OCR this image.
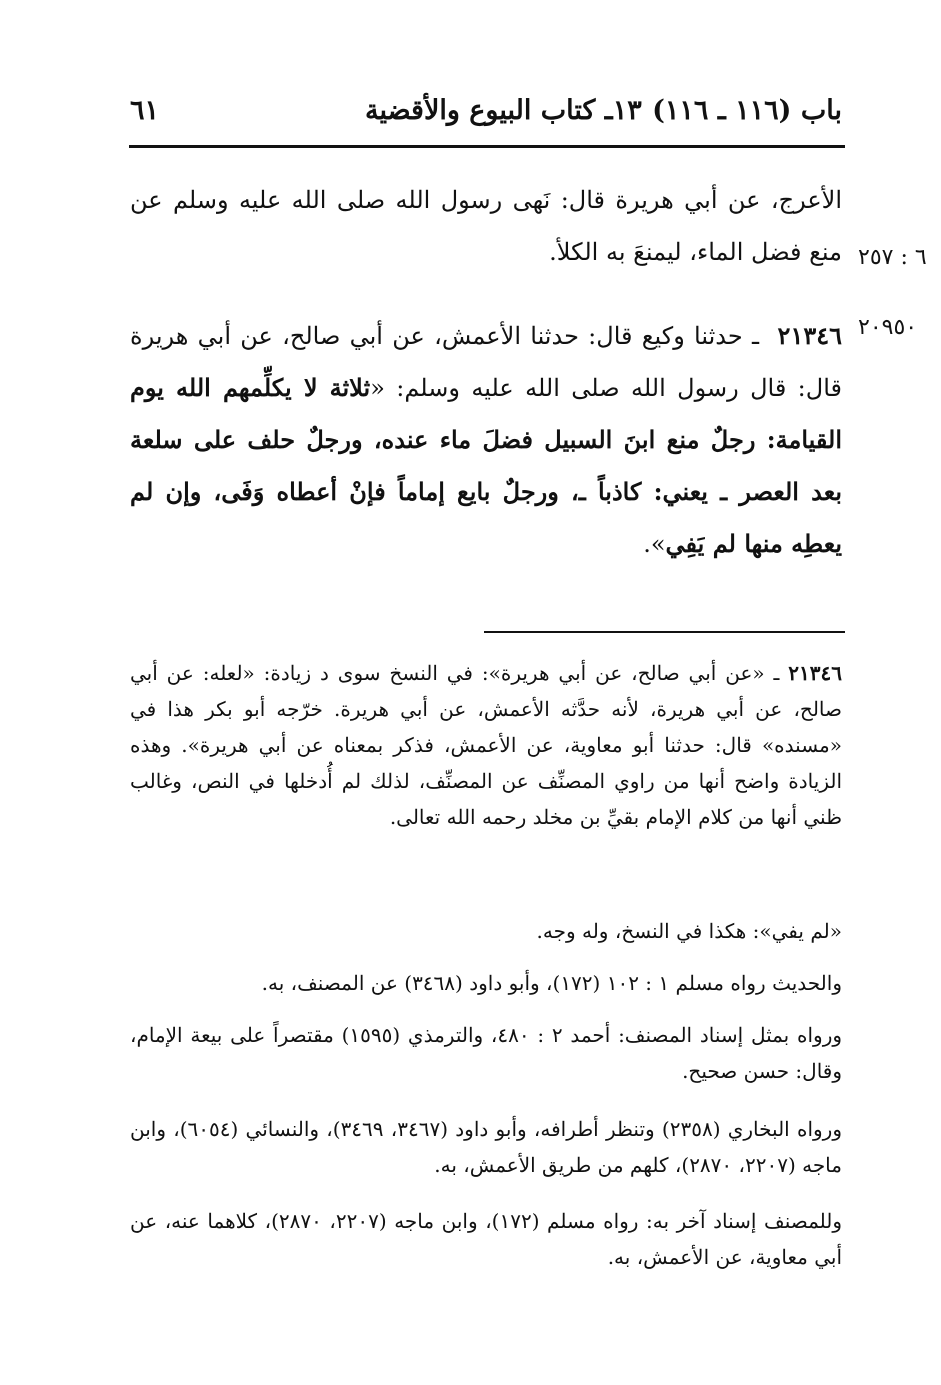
باب (١١٦ ـ ١١٦)
١٣ـ كتاب البيوع والأقضية
٦١
٦ : ٢٥٧
٢٠٩٥٠
الأعرج، عن أبي هريرة قال: نَهى رسول الله صلى الله عليه وسلم عن منع فضل الماء، ليمنعَ به الكلأ.
٢١٣٤٦  ـ حدثنا وكيع قال: حدثنا الأعمش، عن أبي صالح، عن أبي هريرة قال: قال رسول الله صلى الله عليه وسلم: «ثلاثة لا يكلِّمهم الله يوم القيامة: رجلٌ منع ابنَ السبيل فضلَ ماء عنده، ورجلٌ حلف على سلعة بعد العصر ـ يعني: كاذباً ـ، ورجلٌ بايع إماماً فإنْ أعطاه وَفَى، وإن لم يعطِه منها لم يَفِي».
٢١٣٤٦ ـ «عن أبي صالح، عن أبي هريرة»: في النسخ سوى د زيادة: «لعله: عن أبي صالح، عن أبي هريرة، لأنه حدَّثه الأعمش، عن أبي هريرة. خرّجه أبو بكر هذا في «مسنده» قال: حدثنا أبو معاوية، عن الأعمش، فذكر بمعناه عن أبي هريرة». وهذه الزيادة واضح أنها من راوي المصنِّف عن المصنِّف، لذلك لم أُدخلها في النص، وغالب ظني أنها من كلام الإمام بقيِّ بن مخلد رحمه الله تعالى.
«لم يفي»: هكذا في النسخ، وله وجه.
والحديث رواه مسلم ١ : ١٠٢ (١٧٢)، وأبو داود (٣٤٦٨) عن المصنف، به.
ورواه بمثل إسناد المصنف: أحمد ٢ : ٤٨٠، والترمذي (١٥٩٥) مقتصراً على بيعة الإمام، وقال: حسن صحيح.
ورواه البخاري (٢٣٥٨) وتنظر أطرافه، وأبو داود (٣٤٦٧، ٣٤٦٩)، والنسائي (٦٠٥٤)، وابن ماجه (٢٢٠٧، ٢٨٧٠)، كلهم من طريق الأعمش، به.
وللمصنف إسناد آخر به: رواه مسلم (١٧٢)، وابن ماجه (٢٢٠٧، ٢٨٧٠)، كلاهما عنه، عن أبي معاوية، عن الأعمش، به.
